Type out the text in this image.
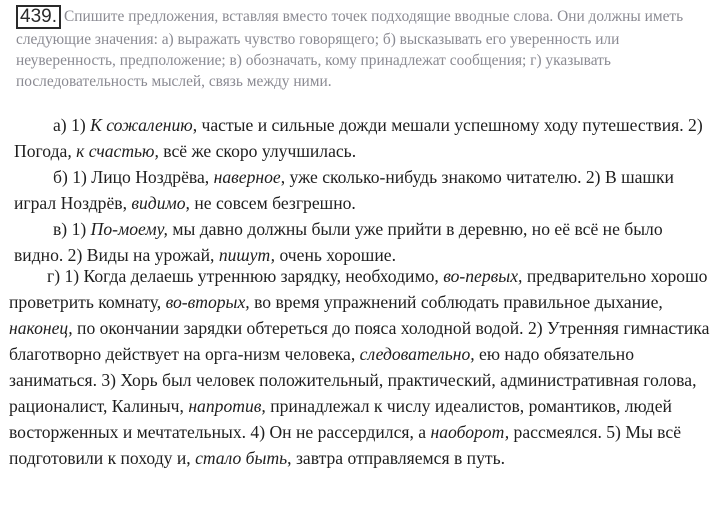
439. Спишите предложения, вставляя вместо точек подходящие вводные слова. Они должны иметь следующие значения: а) выражать чувство говорящего; б) высказывать его уверенность или неуверенность, предположение; в) обозначать, кому принадлежат сообщения; г) указывать последовательность мыслей, связь между ними.

а) 1) К сожалению, частые и сильные дожди мешали успешному ходу путешествия. 2) Погода, к счастью, всё же скоро улучшилась.

б) 1) Лицо Ноздрёва, наверное, уже сколько-нибудь знакомо читателю. 2) В шашки играл Ноздрёв, видимо, не совсем безгрешно.

в) 1) По-моему, мы давно должны были уже прийти в деревню, но её всё не было видно. 2) Виды на урожай, пишут, очень хорошие.

г) 1) Когда делаешь утреннюю зарядку, необходимо, во-первых, предварительно хорошо проветрить комнату, во-вторых, во время упражнений соблюдать правильное дыхание, наконец, по окончании зарядки обтереться до пояса холодной водой. 2) Утренняя гимнастика благотворно действует на орга-низм человека, следовательно, ею надо обязательно заниматься. 3) Хорь был человек положительный, практический, административная голова, рационалист, Калиныч, напротив, принадлежал к числу идеалистов, романтиков, людей восторженных и мечтательных. 4) Он не рассердился, а наоборот, рассмеялся. 5) Мы всё подготовили к походу и, стало быть, завтра отправляемся в путь.
